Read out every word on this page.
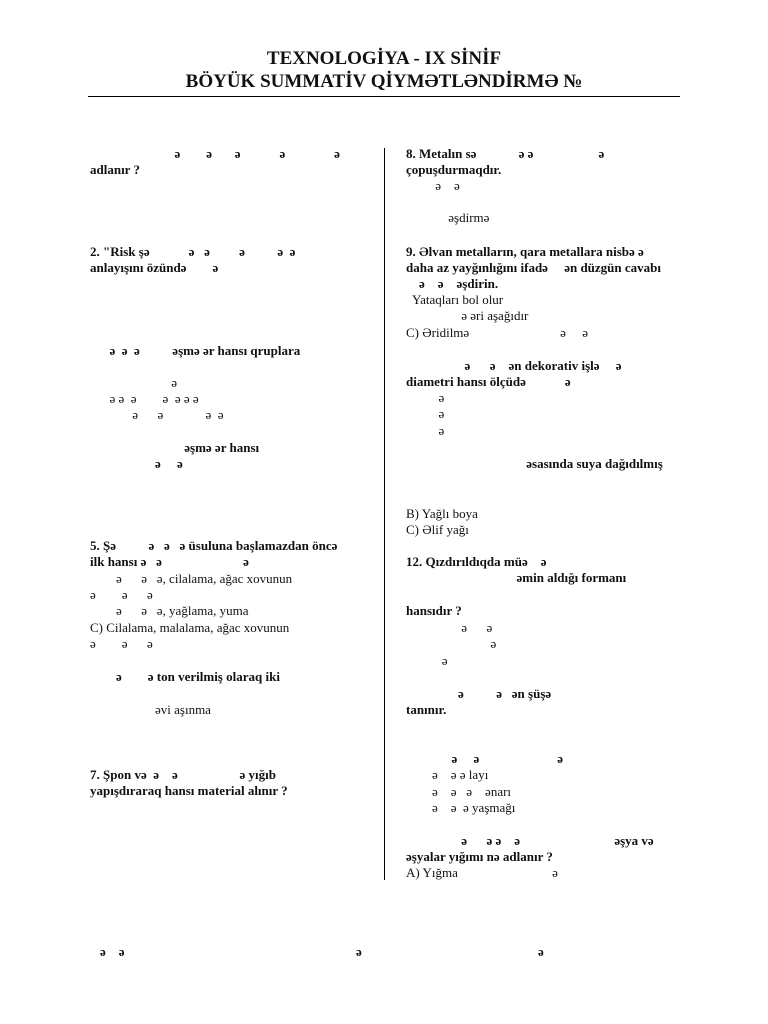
TEXNOLOGİYA - IX SİNİF
BÖYÜK SUMMATİV QİYMƏTLƏNDİRMƏ №
ə        ə       ə            ə               ə
adlanır ?
2. "Risk şə            ə   ə         ə          ə  ə
anlayışını özündə        ə
ə  ə  ə          əşmə ər hansı qruplara
ə
ə ə  ə        ə  ə ə ə
ə      ə             ə  ə
əşmə ər hansı
ə     ə
5. Şə          ə   ə   ə üsuluna başlamazdan öncə
ilk hansı ə   ə                         ə
ə      ə   ə, cilalama, ağac xovunun
ə        ə      ə
ə      ə   ə, yağlama, yuma
C) Cilalama, malalama, ağac xovunun
ə        ə      ə
ə        ə ton verilmiş olaraq iki
əvi aşınma
7. Şpon və  ə    ə                   ə yığıb
yapışdıraraq hansı material alınır ?
8. Metalın sə             ə ə                    ə
çopuşdurmaqdır.
ə    ə
əşdirmə
9. Əlvan metalların, qara metallara nisbə ə
daha az yayğınlığını ifadə     ən düzgün cavabı
ə    ə    əşdirin.
Yataqları bol olur
ə əri aşağıdır
C) Əridilmə                            ə     ə
ə      ə    ən dekorativ işlə     ə
diametri hansı ölçüdə            ə
ə
ə
ə
əsasında suya dağıdılmış
B) Yağlı boya
C) Əlif yağı
12. Qızdırıldıqda müə    ə
əmin aldığı formanı
hansıdır ?
ə      ə
ə
ə
ə          ə   ən şüşə
tanınır.
ə     ə                        ə
ə    ə ə layı
ə    ə   ə    ənarı
ə    ə  ə yaşmağı
ə      ə ə    ə                             əşya və
əşyalar yığımı nə adlanır ?
A) Yığma                             ə
ə    ə	ə	ə
